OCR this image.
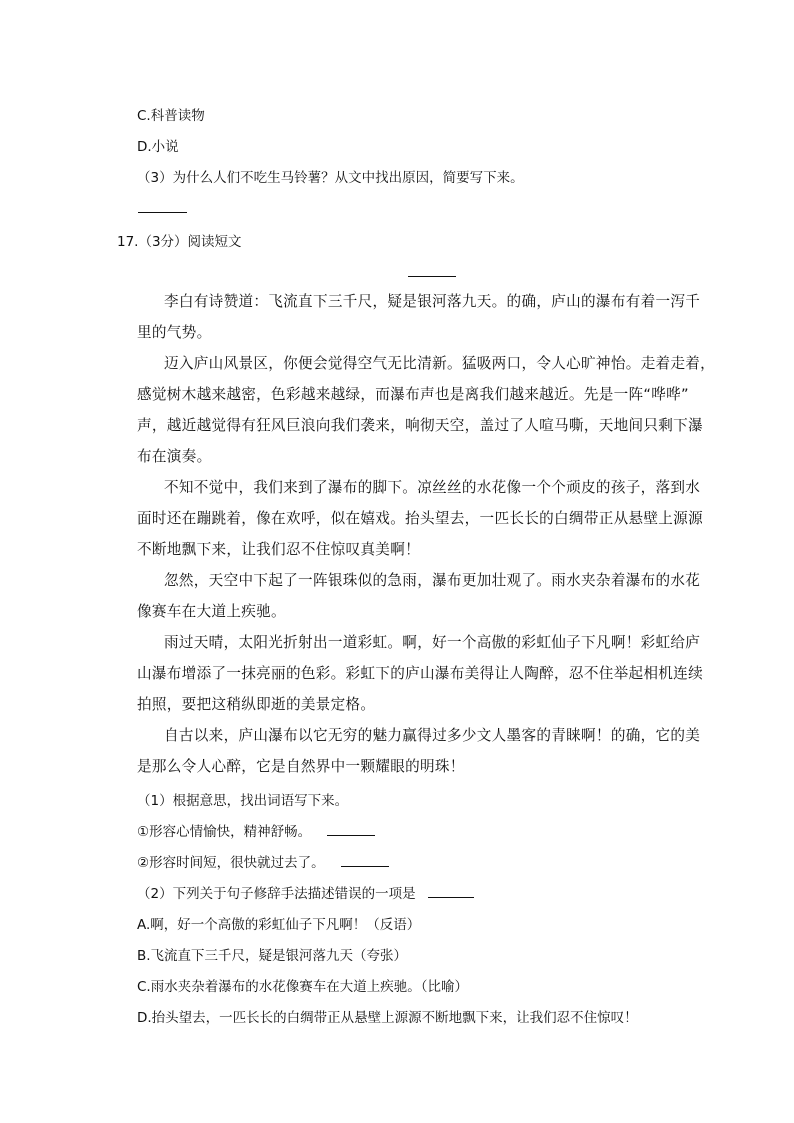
C.科普读物
D.小说
（3）为什么人们不吃生马铃薯？从文中找出原因，简要写下来。
17.（3分）阅读短文
李白有诗赞道：飞流直下三千尺，疑是银河落九天。的确，庐山的瀑布有着一泻千
里的气势。
迈入庐山风景区，你便会觉得空气无比清新。猛吸两口，令人心旷神怡。走着走着，
感觉树木越来越密，色彩越来越绿，而瀑布声也是离我们越来越近。先是一阵“哗哗”
声，越近越觉得有狂风巨浪向我们袭来，响彻天空，盖过了人喧马嘶，天地间只剩下瀑
布在演奏。
不知不觉中，我们来到了瀑布的脚下。凉丝丝的水花像一个个顽皮的孩子，落到水
面时还在蹦跳着，像在欢呼，似在嬉戏。抬头望去，一匹长长的白绸带正从悬壁上源源
不断地飘下来，让我们忍不住惊叹真美啊！
忽然，天空中下起了一阵银珠似的急雨，瀑布更加壮观了。雨水夹杂着瀑布的水花
像赛车在大道上疾驰。
雨过天晴，太阳光折射出一道彩虹。啊，好一个高傲的彩虹仙子下凡啊！彩虹给庐
山瀑布增添了一抹亮丽的色彩。彩虹下的庐山瀑布美得让人陶醉，忍不住举起相机连续
拍照，要把这稍纵即逝的美景定格。
自古以来，庐山瀑布以它无穷的魅力赢得过多少文人墨客的青睐啊！的确，它的美
是那么令人心醉，它是自然界中一颗耀眼的明珠！
（1）根据意思，找出词语写下来。
①形容心情愉快，精神舒畅。
②形容时间短，很快就过去了。
（2）下列关于句子修辞手法描述错误的一项是
A.啊，好一个高傲的彩虹仙子下凡啊！（反语）
B.飞流直下三千尺，疑是银河落九天（夸张）
C.雨水夹杂着瀑布的水花像赛车在大道上疾驰。（比喻）
D.抬头望去，一匹长长的白绸带正从悬壁上源源不断地飘下来，让我们忍不住惊叹！
